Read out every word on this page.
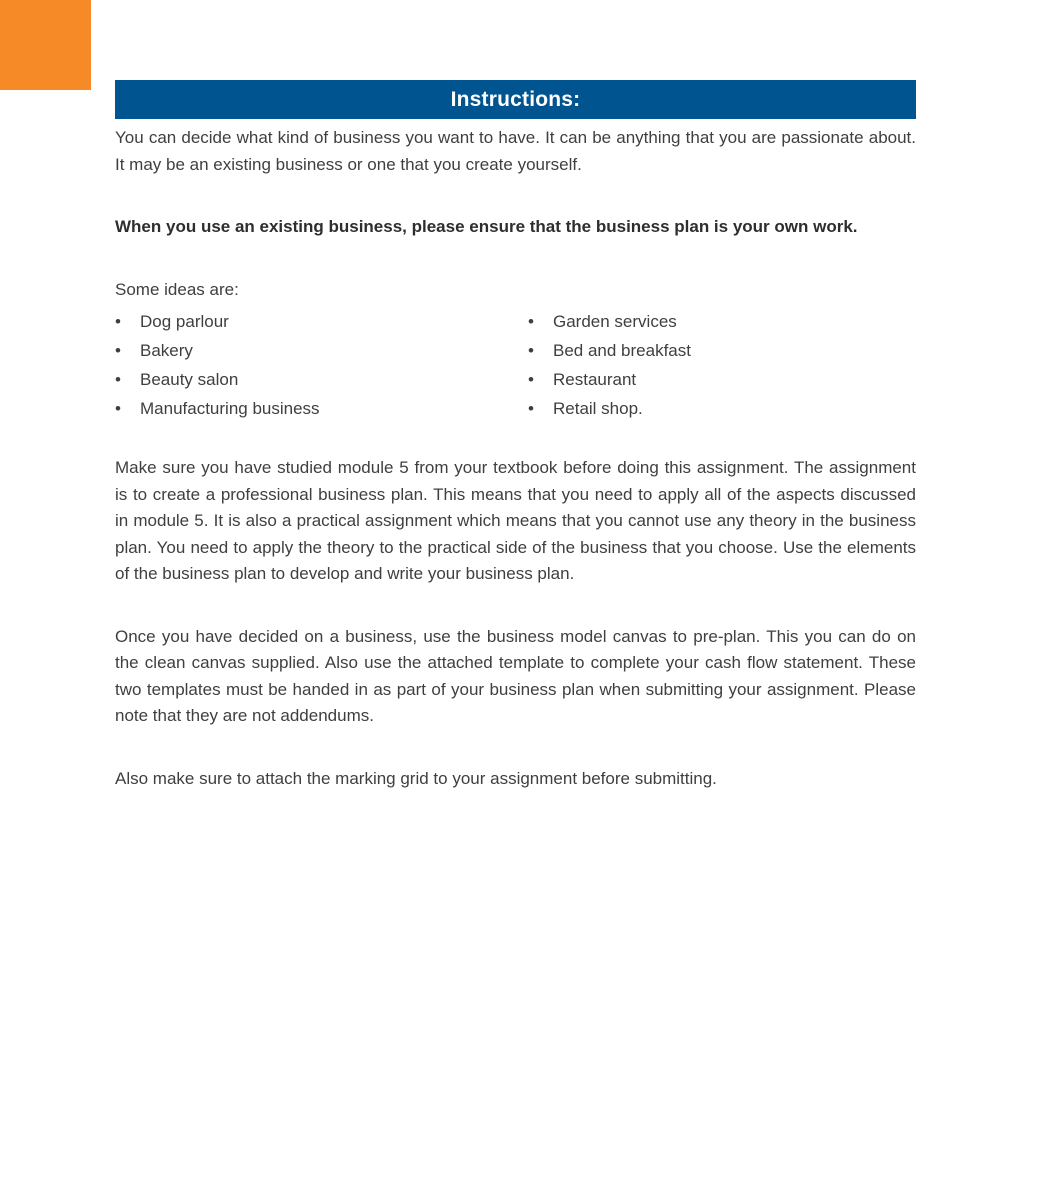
Instructions:

You can decide what kind of business you want to have. It can be anything that you are passionate about. It may be an existing business or one that you create yourself.

When you use an existing business, please ensure that the business plan is your own work.

Some ideas are:

•	Dog parlour
•	Bakery
•	Beauty salon
•	Manufacturing business
•	Garden services
•	Bed and breakfast
•	Restaurant
•	Retail shop.

Make sure you have studied module 5 from your textbook before doing this assignment. The assignment is to create a professional business plan. This means that you need to apply all of the aspects discussed in module 5. It is also a practical assignment which means that you cannot use any theory in the business plan. You need to apply the theory to the practical side of the business that you choose. Use the elements of the business plan to develop and write your business plan.

Once you have decided on a business, use the business model canvas to pre-plan. This you can do on the clean canvas supplied. Also use the attached template to complete your cash flow statement. These two templates must be handed in as part of your business plan when submitting your assignment. Please note that they are not addendums.

Also make sure to attach the marking grid to your assignment before submitting.
